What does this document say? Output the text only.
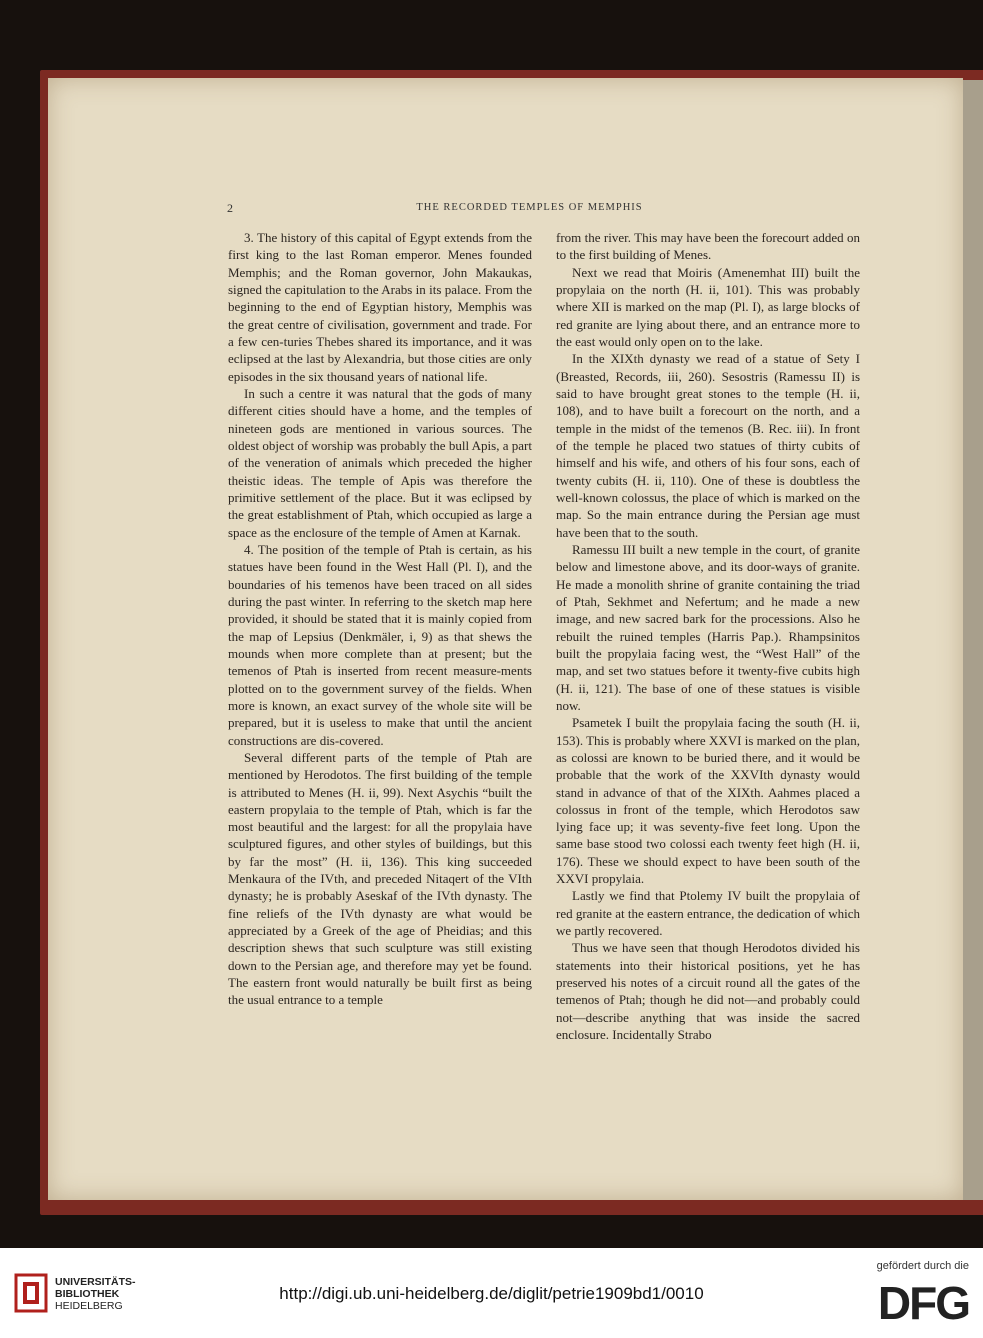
2	THE RECORDED TEMPLES OF MEMPHIS

3. The history of this capital of Egypt extends from the first king to the last Roman emperor. Menes founded Memphis; and the Roman governor, John Makaukas, signed the capitulation to the Arabs in its palace. From the beginning to the end of Egyptian history, Memphis was the great centre of civilisation, government and trade. For a few cen-turies Thebes shared its importance, and it was eclipsed at the last by Alexandria, but those cities are only episodes in the six thousand years of national life.

In such a centre it was natural that the gods of many different cities should have a home, and the temples of nineteen gods are mentioned in various sources. The oldest object of worship was probably the bull Apis, a part of the veneration of animals which preceded the higher theistic ideas. The temple of Apis was therefore the primitive settlement of the place. But it was eclipsed by the great establishment of Ptah, which occupied as large a space as the enclosure of the temple of Amen at Karnak.

4. The position of the temple of Ptah is certain, as his statues have been found in the West Hall (Pl. I), and the boundaries of his temenos have been traced on all sides during the past winter. In referring to the sketch map here provided, it should be stated that it is mainly copied from the map of Lepsius (Denkmäler, i, 9) as that shews the mounds when more complete than at present; but the temenos of Ptah is inserted from recent measure-ments plotted on to the government survey of the fields. When more is known, an exact survey of the whole site will be prepared, but it is useless to make that until the ancient constructions are dis-covered.

Several different parts of the temple of Ptah are mentioned by Herodotos. The first building of the temple is attributed to Menes (H. ii, 99). Next Asychis “built the eastern propylaia to the temple of Ptah, which is far the most beautiful and the largest: for all the propylaia have sculptured figures, and other styles of buildings, but this by far the most” (H. ii, 136). This king succeeded Menkaura of the IVth, and preceded Nitaqert of the VIth dynasty; he is probably Aseskaf of the IVth dynasty. The fine reliefs of the IVth dynasty are what would be appreciated by a Greek of the age of Pheidias; and this description shews that such sculpture was still existing down to the Persian age, and therefore may yet be found. The eastern front would naturally be built first as being the usual entrance to a temple

from the river. This may have been the forecourt added on to the first building of Menes.

Next we read that Moiris (Amenemhat III) built the propylaia on the north (H. ii, 101). This was probably where XII is marked on the map (Pl. I), as large blocks of red granite are lying about there, and an entrance more to the east would only open on to the lake.

In the XIXth dynasty we read of a statue of Sety I (Breasted, Records, iii, 260). Sesostris (Ramessu II) is said to have brought great stones to the temple (H. ii, 108), and to have built a forecourt on the north, and a temple in the midst of the temenos (B. Rec. iii). In front of the temple he placed two statues of thirty cubits of himself and his wife, and others of his four sons, each of twenty cubits (H. ii, 110). One of these is doubtless the well-known colossus, the place of which is marked on the map. So the main entrance during the Persian age must have been that to the south.

Ramessu III built a new temple in the court, of granite below and limestone above, and its door-ways of granite. He made a monolith shrine of granite containing the triad of Ptah, Sekhmet and Nefertum; and he made a new image, and new sacred bark for the processions. Also he rebuilt the ruined temples (Harris Pap.). Rhampsinitos built the propylaia facing west, the “West Hall” of the map, and set two statues before it twenty-five cubits high (H. ii, 121). The base of one of these statues is visible now.

Psametek I built the propylaia facing the south (H. ii, 153). This is probably where XXVI is marked on the plan, as colossi are known to be buried there, and it would be probable that the work of the XXVIth dynasty would stand in advance of that of the XIXth. Aahmes placed a colossus in front of the temple, which Herodotos saw lying face up; it was seventy-five feet long. Upon the same base stood two colossi each twenty feet high (H. ii, 176). These we should expect to have been south of the XXVI propylaia.

Lastly we find that Ptolemy IV built the propylaia of red granite at the eastern entrance, the dedication of which we partly recovered.

Thus we have seen that though Herodotos divided his statements into their historical positions, yet he has preserved his notes of a circuit round all the gates of the temenos of Ptah; though he did not—and probably could not—describe anything that was inside the sacred enclosure. Incidentally Strabo

UNIVERSITÄTS-
BIBLIOTHEK
HEIDELBERG
http://digi.ub.uni-heidelberg.de/diglit/petrie1909bd1/0010
gefördert durch die
DFG
